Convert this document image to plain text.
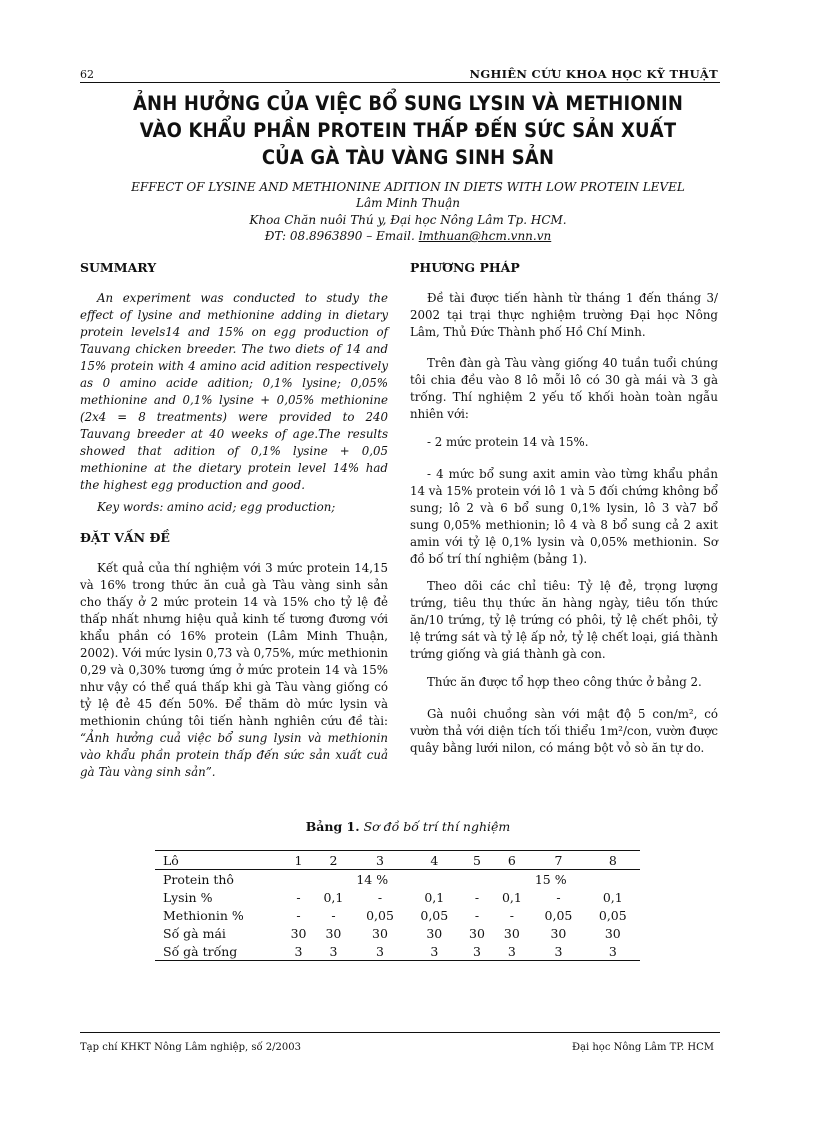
62	NGHIÊN CỨU KHOA HỌC KỸ THUẬT
ẢNH HƯỞNG CỦA VIỆC BỔ SUNG LYSIN VÀ METHIONIN
VÀO KHẨU PHẦN PROTEIN THẤP ĐẾN SỨC SẢN XUẤT
CỦA GÀ TÀU VÀNG SINH SẢN
EFFECT OF LYSINE AND METHIONINE ADITION IN DIETS WITH LOW PROTEIN LEVEL
Lâm Minh Thuận
Khoa Chăn nuôi Thú y, Đại học Nông Lâm Tp. HCM.
ĐT: 08.8963890 – Email. lmthuan@hcm.vnn.vn
SUMMARY
An experiment was conducted to study the effect of lysine and methionine adding in dietary protein levels14 and 15% on egg production of Tauvang chicken breeder. The two diets of 14 and 15% protein with 4 amino acid adition respectively as 0 amino acide adition; 0,1% lysine; 0,05% methionine and 0,1% lysine + 0,05% methionine (2x4 = 8 treatments) were provided to 240 Tauvang breeder at 40 weeks of age.The results showed that adition of 0,1% lysine + 0,05 methionine at the dietary protein level 14% had the highest egg production and good.
Key words: amino acid; egg production;
ĐẶT VẤN ĐỀ
Kết quả của thí nghiệm với 3 mức protein 14,15 và 16% trong thức ăn cuả gà Tàu vàng sinh sản cho thấy ở 2 mức protein 14 và 15% cho tỷ lệ đẻ thấp nhất nhưng hiệu quả kinh tế tương đương với khẩu phần có 16% protein (Lâm Minh Thuận, 2002). Với mức lysin 0,73 và 0,75%, mức methionin 0,29 và 0,30% tương ứng ở mức protein 14 và 15% như vậy có thể quá thấp khi gà Tàu vàng giống có tỷ lệ đẻ 45 đến 50%. Để thăm dò mức lysin và methionin chúng tôi tiến hành nghiên cứu đề tài: “Ảnh hưởng cuả việc bổ sung lysin và methionin vào khẩu phần protein thấp đến sức sản xuất cuả gà Tàu vàng sinh sản”.
PHƯƠNG PHÁP
Đề tài được tiến hành từ tháng 1 đến tháng 3/ 2002 tại trại thực nghiệm trường Đại học Nông Lâm, Thủ Đức Thành phố Hồ Chí Minh.
Trên đàn gà Tàu vàng giống 40 tuần tuổi chúng tôi chia đều vào 8 lô mỗi lô có 30 gà mái và 3 gà trống. Thí nghiệm 2 yếu tố khối hoàn toàn ngẫu nhiên với:
- 2 mức protein 14 và 15%.
- 4 mức bổ sung axit amin vào từng khẩu phần 14 và 15% protein với lô 1 và 5 đối chứng không bổ sung; lô 2 và 6 bổ sung 0,1% lysin, lô 3 và7 bổ sung 0,05% methionin; lô 4 và 8 bổ sung cả 2 axit amin với tỷ lệ 0,1% lysin và 0,05% methionin. Sơ đồ bố trí thí nghiệm (bảng 1).
Theo dõi các chỉ tiêu: Tỷ lệ đẻ, trọng lượng trứng, tiêu thụ thức ăn hàng ngày, tiêu tốn thức ăn/10 trứng, tỷ lệ trứng có phôi, tỷ lệ chết phôi, tỷ lệ trứng sát và tỷ lệ ấp nở, tỷ lệ chết loại, giá thành trứng giống và giá thành gà con.
Thức ăn được tổ hợp theo công thức ở bảng 2.
Gà nuôi chuồng sàn với mật độ 5 con/m², có vườn thả với diện tích tối thiểu 1m²/con, vườn được quây bằng lưới nilon, có máng bột vỏ sò ăn tự do.
Bảng 1. Sơ đồ bố trí thí nghiệm
Lô	1	2	3	4	5	6	7	8
Protein thô	14 %				15 %			
Lysin %	-	0,1	-	0,1	-	0,1	-	0,1
Methionin %	-	-	0,05	0,05	-	-	0,05	0,05
Số gà mái	30	30	30	30	30	30	30	30
Số gà trống	3	3	3	3	3	3	3	3
Tạp chí KHKT Nông Lâm nghiệp, số 2/2003	Đại học Nông Lâm TP. HCM
